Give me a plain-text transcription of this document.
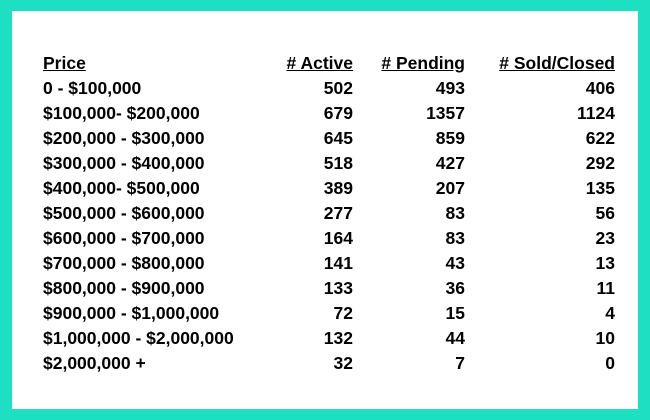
Price	# Active # Pending # Sold/Closed
0 - $100,000	502	493	406
$100,000- $200,000	679	1357	1124
$200,000 - $300,000	645	859	622
$300,000 - $400,000	518	427	292
$400,000- $500,000	389	207	135
$500,000 - $600,000	277	83	56
$600,000 - $700,000	164	83	23
$700,000 - $800,000	141	43	13
$800,000 - $900,000	133	36	11
$900,000 - $1,000,000	72	15	4
$1,000,000 - $2,000,000	132	44	10
$2,000,000 +	32	7	0
